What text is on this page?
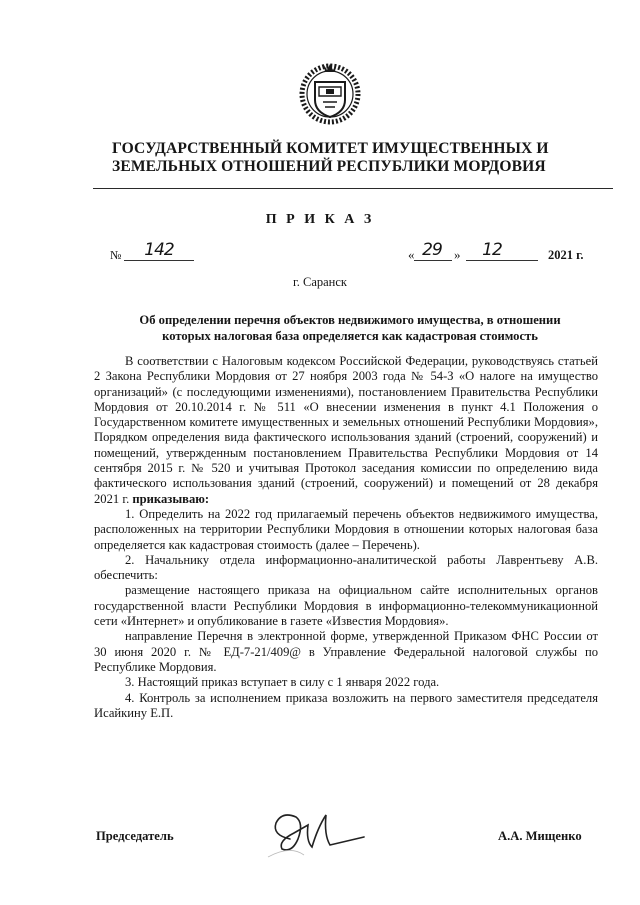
ГОСУДАРСТВЕННЫЙ КОМИТЕТ ИМУЩЕСТВЕННЫХ И
ЗЕМЕЛЬНЫХ ОТНОШЕНИЙ РЕСПУБЛИКИ МОРДОВИЯ
П Р И К А З
№	142	« 29 »	12	2021 г.
г. Саранск
Об определении перечня объектов недвижимого имущества, в отношении
которых налоговая база определяется как кадастровая стоимость

В соответствии с Налоговым кодексом Российской Федерации, руководствуясь статьей 2 Закона Республики Мордовия от 27 ноября 2003 года № 54-З «О налоге на имущество организаций» (с последующими изменениями), постановлением Правительства Республики Мордовия от 20.10.2014 г. № 511 «О внесении изменения в пункт 4.1 Положения о Государственном комитете имущественных и земельных отношений Республики Мордовия», Порядком определения вида фактического использования зданий (строений, сооружений) и помещений, утвержденным постановлением Правительства Республики Мордовия от 14 сентября 2015 г. № 520 и учитывая Протокол заседания комиссии по определению вида фактического использования зданий (строений, сооружений) и помещений от 28 декабря 2021 г. приказываю:

1. Определить на 2022 год прилагаемый перечень объектов недвижимого имущества, расположенных на территории Республики Мордовия в отношении которых налоговая база определяется как кадастровая стоимость (далее – Перечень).

2. Начальнику отдела информационно-аналитической работы Лаврентьеву А.В. обеспечить:

размещение настоящего приказа на официальном сайте исполнительных органов государственной власти Республики Мордовия в информационно-телекоммуникационной сети «Интернет» и опубликование в газете «Известия Мордовия».

направление Перечня в электронной форме, утвержденной Приказом ФНС России от 30 июня 2020 г. № ЕД-7-21/409@ в Управление Федеральной налоговой службы по Республике Мордовия.

3. Настоящий приказ вступает в силу с 1 января 2022 года.

4. Контроль за исполнением приказа возложить на первого заместителя председателя Исайкину Е.П.

Председатель	А.А. Мищенко
